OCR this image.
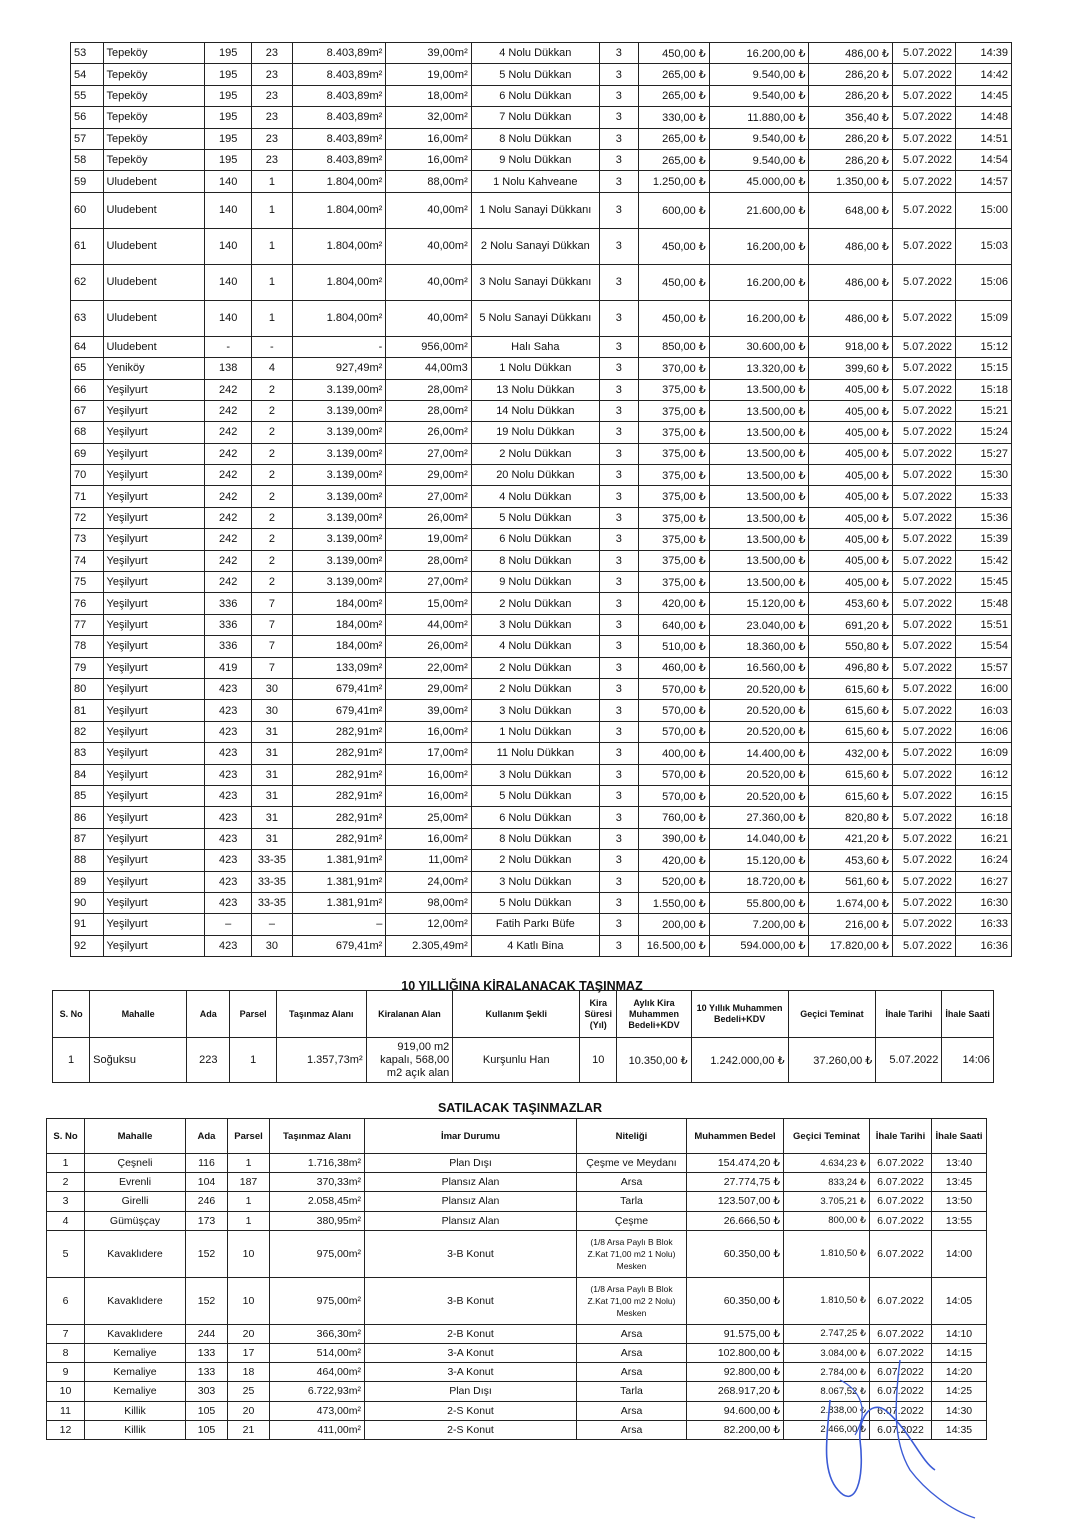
53	Tepeköy	195	23	8.403,89m²	39,00m²	4 Nolu Dükkan	3	450,00 ₺	16.200,00 ₺	486,00 ₺	5.07.2022	14:39
54	Tepeköy	195	23	8.403,89m²	19,00m²	5 Nolu Dükkan	3	265,00 ₺	9.540,00 ₺	286,20 ₺	5.07.2022	14:42
55	Tepeköy	195	23	8.403,89m²	18,00m²	6 Nolu Dükkan	3	265,00 ₺	9.540,00 ₺	286,20 ₺	5.07.2022	14:45
56	Tepeköy	195	23	8.403,89m²	32,00m²	7 Nolu Dükkan	3	330,00 ₺	11.880,00 ₺	356,40 ₺	5.07.2022	14:48
57	Tepeköy	195	23	8.403,89m²	16,00m²	8 Nolu Dükkan	3	265,00 ₺	9.540,00 ₺	286,20 ₺	5.07.2022	14:51
58	Tepeköy	195	23	8.403,89m²	16,00m²	9 Nolu Dükkan	3	265,00 ₺	9.540,00 ₺	286,20 ₺	5.07.2022	14:54
59	Uludebent	140	1	1.804,00m²	88,00m²	1 Nolu Kahveane	3	1.250,00 ₺	45.000,00 ₺	1.350,00 ₺	5.07.2022	14:57
60	Uludebent	140	1	1.804,00m²	40,00m²	1 Nolu Sanayi Dükkanı	3	600,00 ₺	21.600,00 ₺	648,00 ₺	5.07.2022	15:00
61	Uludebent	140	1	1.804,00m²	40,00m²	2 Nolu Sanayi Dükkan	3	450,00 ₺	16.200,00 ₺	486,00 ₺	5.07.2022	15:03
62	Uludebent	140	1	1.804,00m²	40,00m²	3 Nolu Sanayi Dükkanı	3	450,00 ₺	16.200,00 ₺	486,00 ₺	5.07.2022	15:06
63	Uludebent	140	1	1.804,00m²	40,00m²	5 Nolu Sanayi Dükkanı	3	450,00 ₺	16.200,00 ₺	486,00 ₺	5.07.2022	15:09
64	Uludebent	-	-	-	956,00m²	Halı Saha	3	850,00 ₺	30.600,00 ₺	918,00 ₺	5.07.2022	15:12
65	Yeniköy	138	4	927,49m²	44,00m3	1 Nolu Dükkan	3	370,00 ₺	13.320,00 ₺	399,60 ₺	5.07.2022	15:15
66	Yeşilyurt	242	2	3.139,00m²	28,00m²	13 Nolu Dükkan	3	375,00 ₺	13.500,00 ₺	405,00 ₺	5.07.2022	15:18
67	Yeşilyurt	242	2	3.139,00m²	28,00m²	14 Nolu Dükkan	3	375,00 ₺	13.500,00 ₺	405,00 ₺	5.07.2022	15:21
68	Yeşilyurt	242	2	3.139,00m²	26,00m²	19 Nolu Dükkan	3	375,00 ₺	13.500,00 ₺	405,00 ₺	5.07.2022	15:24
69	Yeşilyurt	242	2	3.139,00m²	27,00m²	2 Nolu Dükkan	3	375,00 ₺	13.500,00 ₺	405,00 ₺	5.07.2022	15:27
70	Yeşilyurt	242	2	3.139,00m²	29,00m²	20 Nolu Dükkan	3	375,00 ₺	13.500,00 ₺	405,00 ₺	5.07.2022	15:30
71	Yeşilyurt	242	2	3.139,00m²	27,00m²	4 Nolu Dükkan	3	375,00 ₺	13.500,00 ₺	405,00 ₺	5.07.2022	15:33
72	Yeşilyurt	242	2	3.139,00m²	26,00m²	5 Nolu Dükkan	3	375,00 ₺	13.500,00 ₺	405,00 ₺	5.07.2022	15:36
73	Yeşilyurt	242	2	3.139,00m²	19,00m²	6 Nolu Dükkan	3	375,00 ₺	13.500,00 ₺	405,00 ₺	5.07.2022	15:39
74	Yeşilyurt	242	2	3.139,00m²	28,00m²	8 Nolu Dükkan	3	375,00 ₺	13.500,00 ₺	405,00 ₺	5.07.2022	15:42
75	Yeşilyurt	242	2	3.139,00m²	27,00m²	9 Nolu Dükkan	3	375,00 ₺	13.500,00 ₺	405,00 ₺	5.07.2022	15:45
76	Yeşilyurt	336	7	184,00m²	15,00m²	2 Nolu Dükkan	3	420,00 ₺	15.120,00 ₺	453,60 ₺	5.07.2022	15:48
77	Yeşilyurt	336	7	184,00m²	44,00m²	3 Nolu Dükkan	3	640,00 ₺	23.040,00 ₺	691,20 ₺	5.07.2022	15:51
78	Yeşilyurt	336	7	184,00m²	26,00m²	4 Nolu Dükkan	3	510,00 ₺	18.360,00 ₺	550,80 ₺	5.07.2022	15:54
79	Yeşilyurt	419	7	133,09m²	22,00m²	2 Nolu Dükkan	3	460,00 ₺	16.560,00 ₺	496,80 ₺	5.07.2022	15:57
80	Yeşilyurt	423	30	679,41m²	29,00m²	2 Nolu Dükkan	3	570,00 ₺	20.520,00 ₺	615,60 ₺	5.07.2022	16:00
81	Yeşilyurt	423	30	679,41m²	39,00m²	3 Nolu Dükkan	3	570,00 ₺	20.520,00 ₺	615,60 ₺	5.07.2022	16:03
82	Yeşilyurt	423	31	282,91m²	16,00m²	1 Nolu Dükkan	3	570,00 ₺	20.520,00 ₺	615,60 ₺	5.07.2022	16:06
83	Yeşilyurt	423	31	282,91m²	17,00m²	11 Nolu Dükkan	3	400,00 ₺	14.400,00 ₺	432,00 ₺	5.07.2022	16:09
84	Yeşilyurt	423	31	282,91m²	16,00m²	3 Nolu Dükkan	3	570,00 ₺	20.520,00 ₺	615,60 ₺	5.07.2022	16:12
85	Yeşilyurt	423	31	282,91m²	16,00m²	5 Nolu Dükkan	3	570,00 ₺	20.520,00 ₺	615,60 ₺	5.07.2022	16:15
86	Yeşilyurt	423	31	282,91m²	25,00m²	6 Nolu Dükkan	3	760,00 ₺	27.360,00 ₺	820,80 ₺	5.07.2022	16:18
87	Yeşilyurt	423	31	282,91m²	16,00m²	8 Nolu Dükkan	3	390,00 ₺	14.040,00 ₺	421,20 ₺	5.07.2022	16:21
88	Yeşilyurt	423	33-35	1.381,91m²	11,00m²	2 Nolu Dükkan	3	420,00 ₺	15.120,00 ₺	453,60 ₺	5.07.2022	16:24
89	Yeşilyurt	423	33-35	1.381,91m²	24,00m²	3 Nolu Dükkan	3	520,00 ₺	18.720,00 ₺	561,60 ₺	5.07.2022	16:27
90	Yeşilyurt	423	33-35	1.381,91m²	98,00m²	5 Nolu Dükkan	3	1.550,00 ₺	55.800,00 ₺	1.674,00 ₺	5.07.2022	16:30
91	Yeşilyurt	–	–	–	12,00m²	Fatih Parkı Büfe	3	200,00 ₺	7.200,00 ₺	216,00 ₺	5.07.2022	16:33
92	Yeşilyurt	423	30	679,41m²	2.305,49m²	4 Katlı Bina	3	16.500,00 ₺	594.000,00 ₺	17.820,00 ₺	5.07.2022	16:36
10 YILLIĞINA KİRALANACAK TAŞINMAZ
S. No	Mahalle	Ada	Parsel	Taşınmaz Alanı	Kiralanan Alan	Kullanım Şekli	Kira Süresi (Yıl)	Aylık Kira Muhammen Bedeli+KDV	10 Yıllık Muhammen Bedeli+KDV	Geçici Teminat	İhale Tarihi	İhale Saati
1	Soğuksu	223	1	1.357,73m²	919,00 m2 kapalı, 568,00 m2 açık alan	Kurşunlu Han	10	10.350,00 ₺	1.242.000,00 ₺	37.260,00 ₺	5.07.2022	14:06
SATILACAK TAŞINMAZLAR
S. No	Mahalle	Ada	Parsel	Taşınmaz Alanı	İmar Durumu	Niteliği	Muhammen Bedel	Geçici Teminat	İhale Tarihi	İhale Saati
1	Çeşneli	116	1	1.716,38m²	Plan Dışı	Çeşme ve Meydanı	154.474,20 ₺	4.634,23 ₺	6.07.2022	13:40
2	Evrenli	104	187	370,33m²	Plansız Alan	Arsa	27.774,75 ₺	833,24 ₺	6.07.2022	13:45
3	Girelli	246	1	2.058,45m²	Plansız Alan	Tarla	123.507,00 ₺	3.705,21 ₺	6.07.2022	13:50
4	Gümüşçay	173	1	380,95m²	Plansız Alan	Çeşme	26.666,50 ₺	800,00 ₺	6.07.2022	13:55
5	Kavaklıdere	152	10	975,00m²	3-B Konut	(1/8 Arsa Paylı B Blok Z.Kat 71,00 m2 1 Nolu) Mesken	60.350,00 ₺	1.810,50 ₺	6.07.2022	14:00
6	Kavaklıdere	152	10	975,00m²	3-B Konut	(1/8 Arsa Paylı B Blok Z.Kat 71,00 m2 2 Nolu) Mesken	60.350,00 ₺	1.810,50 ₺	6.07.2022	14:05
7	Kavaklıdere	244	20	366,30m²	2-B Konut	Arsa	91.575,00 ₺	2.747,25 ₺	6.07.2022	14:10
8	Kemaliye	133	17	514,00m²	3-A Konut	Arsa	102.800,00 ₺	3.084,00 ₺	6.07.2022	14:15
9	Kemaliye	133	18	464,00m²	3-A Konut	Arsa	92.800,00 ₺	2.784,00 ₺	6.07.2022	14:20
10	Kemaliye	303	25	6.722,93m²	Plan Dışı	Tarla	268.917,20 ₺	8.067,52 ₺	6.07.2022	14:25
11	Killik	105	20	473,00m²	2-S Konut	Arsa	94.600,00 ₺	2.838,00 ₺	6.07.2022	14:30
12	Killik	105	21	411,00m²	2-S Konut	Arsa	82.200,00 ₺	2.466,00 ₺	6.07.2022	14:35
